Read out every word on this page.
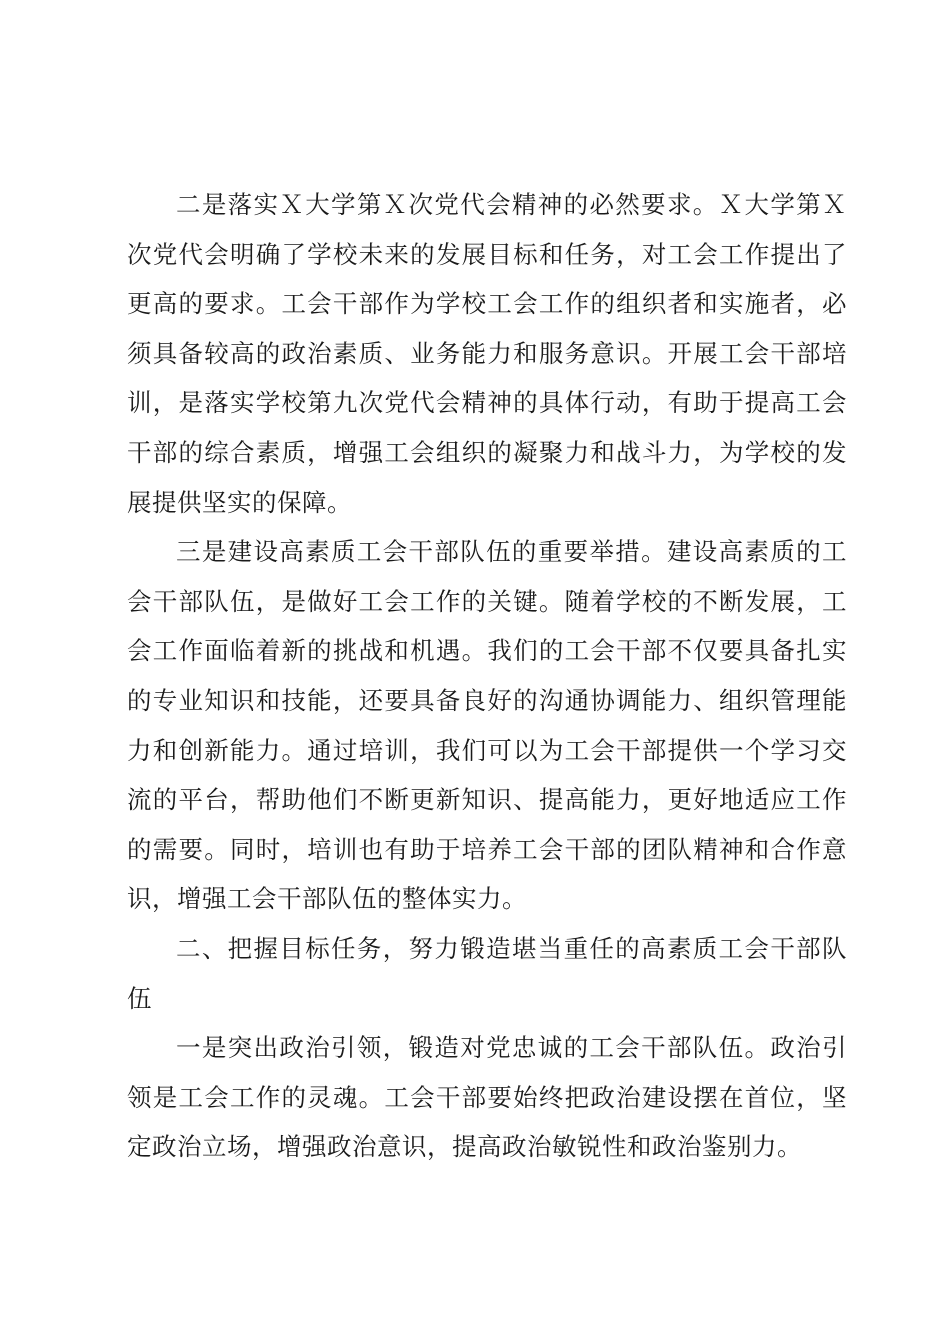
二是落实Ｘ大学第Ｘ次党代会精神的必然要求。Ｘ大学第Ｘ次党代会明确了学校未来的发展目标和任务，对工会工作提出了更高的要求。工会干部作为学校工会工作的组织者和实施者，必须具备较高的政治素质、业务能力和服务意识。开展工会干部培训，是落实学校第九次党代会精神的具体行动，有助于提高工会干部的综合素质，增强工会组织的凝聚力和战斗力，为学校的发展提供坚实的保障。

三是建设高素质工会干部队伍的重要举措。建设高素质的工会干部队伍，是做好工会工作的关键。随着学校的不断发展，工会工作面临着新的挑战和机遇。我们的工会干部不仅要具备扎实的专业知识和技能，还要具备良好的沟通协调能力、组织管理能力和创新能力。通过培训，我们可以为工会干部提供一个学习交流的平台，帮助他们不断更新知识、提高能力，更好地适应工作的需要。同时，培训也有助于培养工会干部的团队精神和合作意识，增强工会干部队伍的整体实力。

二、把握目标任务，努力锻造堪当重任的高素质工会干部队伍

一是突出政治引领，锻造对党忠诚的工会干部队伍。政治引领是工会工作的灵魂。工会干部要始终把政治建设摆在首位，坚定政治立场，增强政治意识，提高政治敏锐性和政治鉴别力。
